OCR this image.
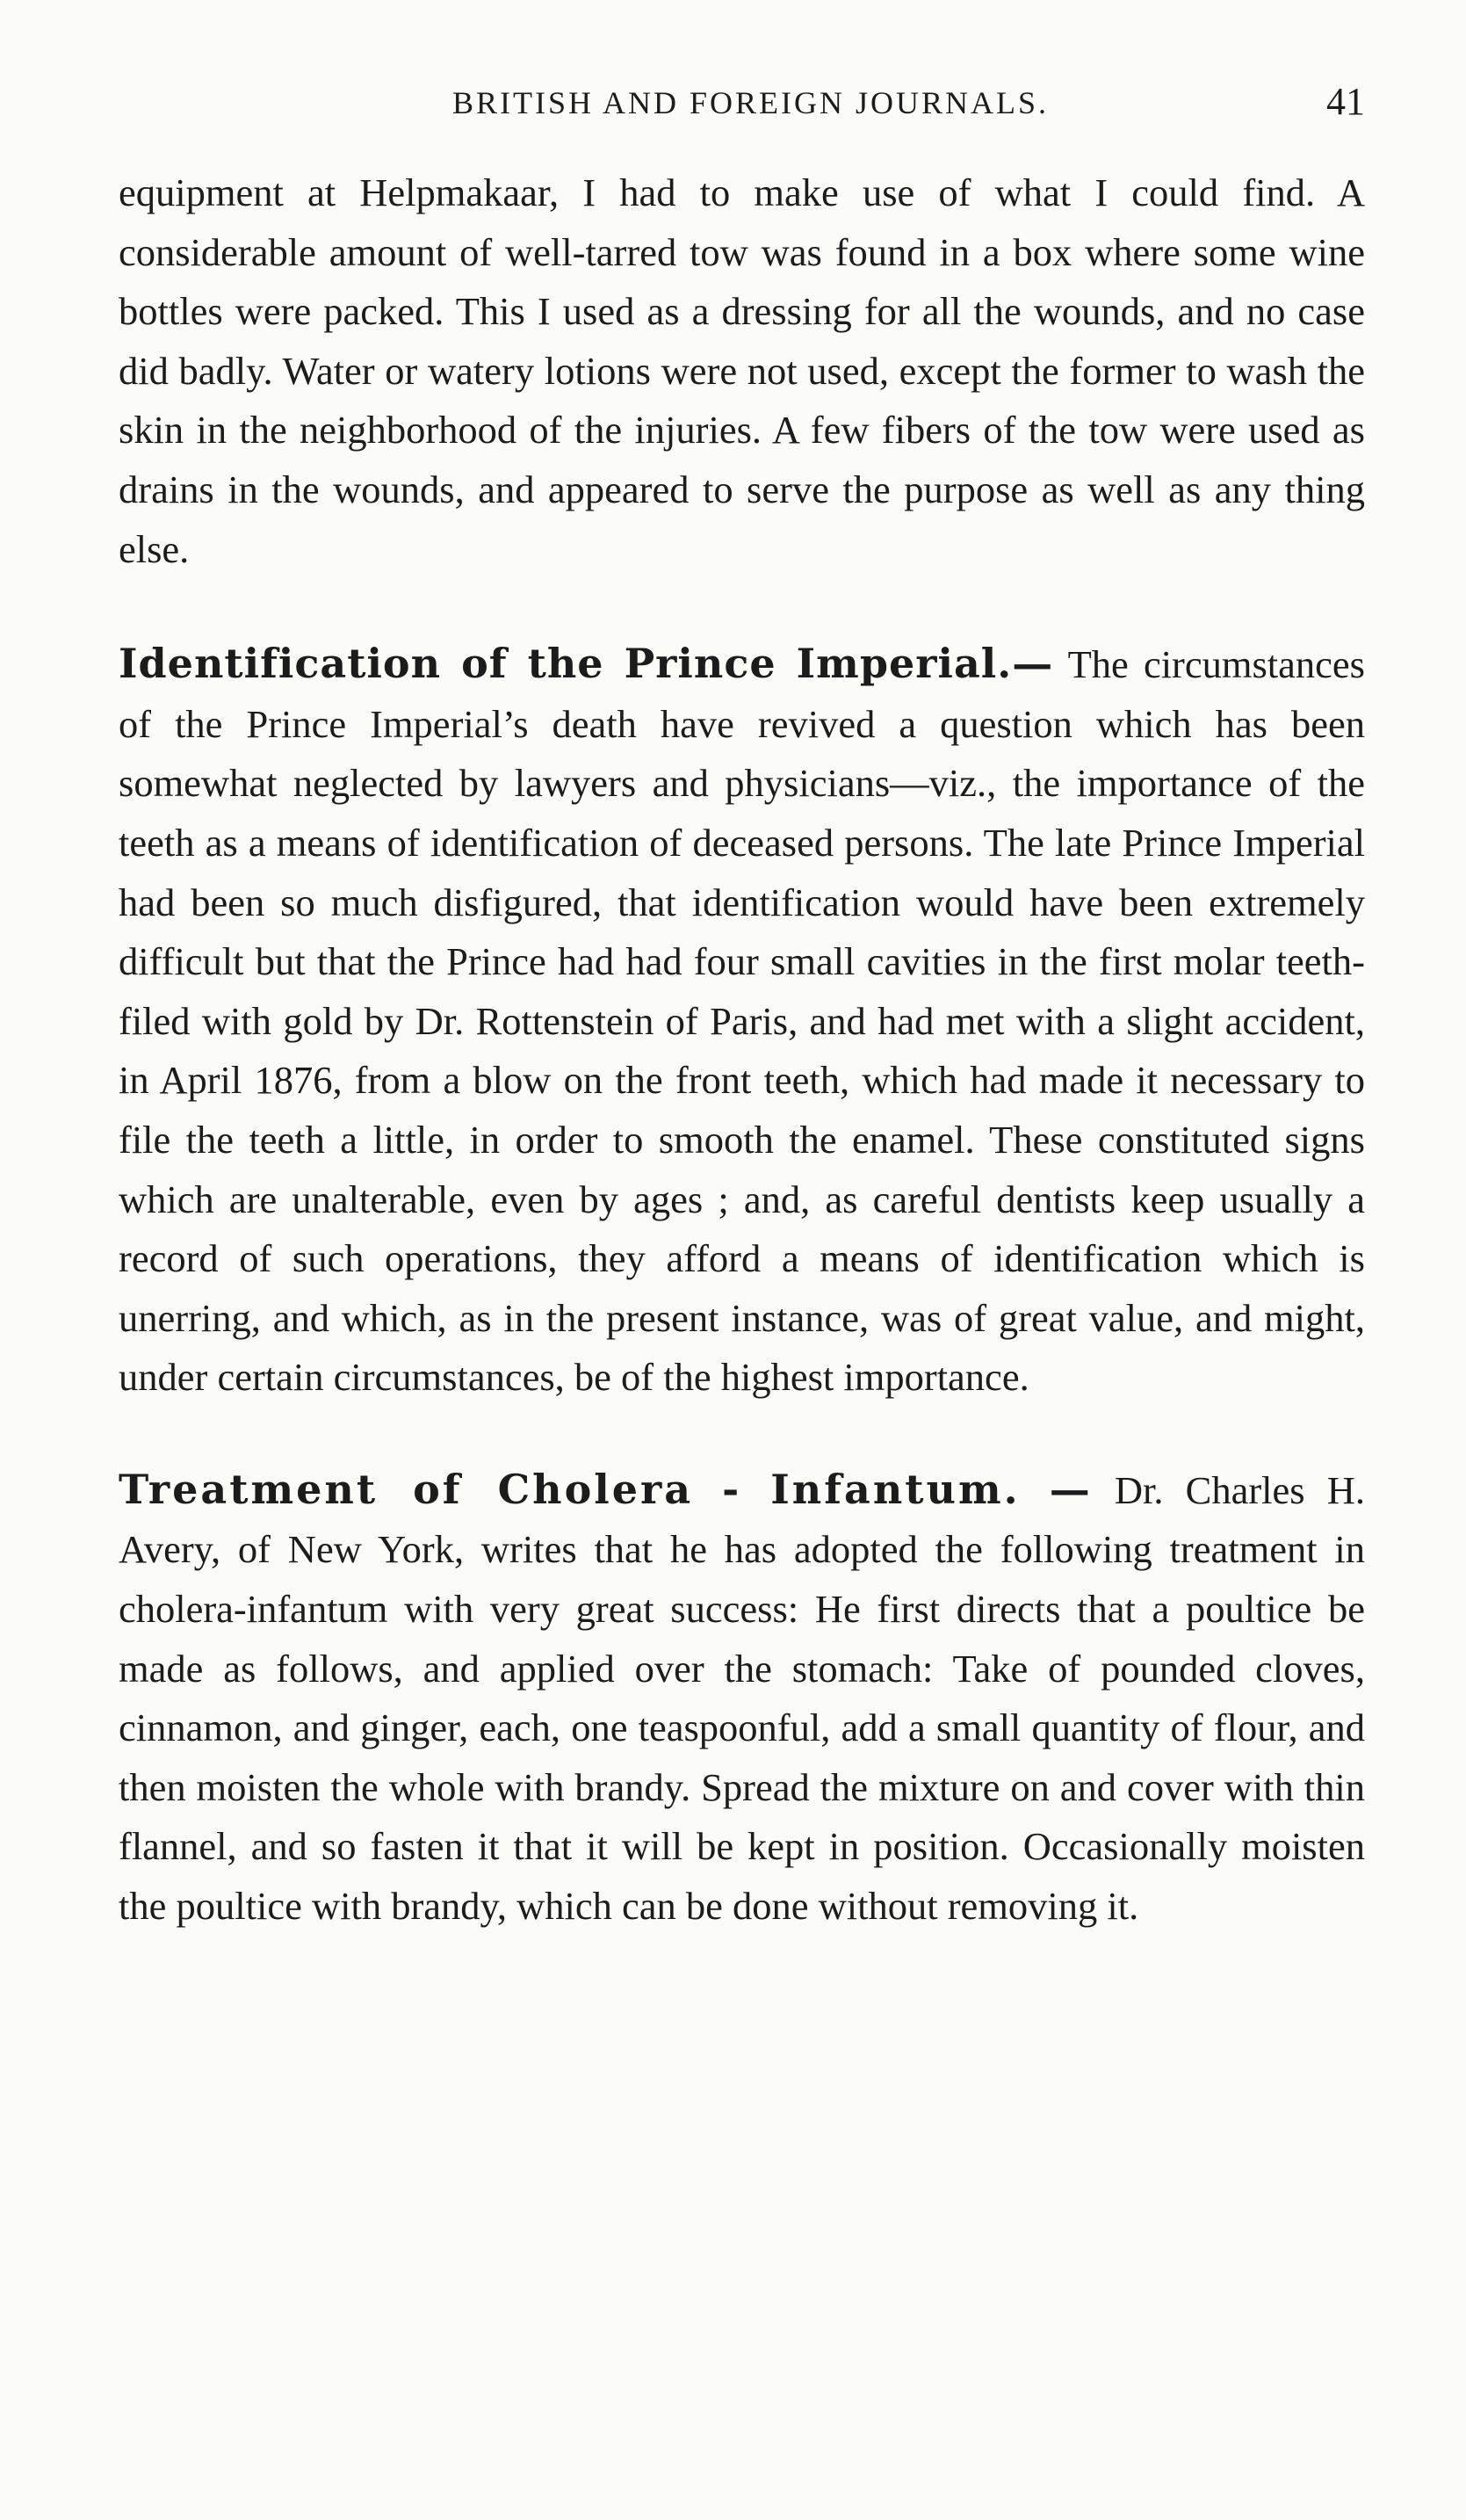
BRITISH AND FOREIGN JOURNALS.	41

equipment at Helpmakaar, I had to make use of what I could find. A considerable amount of well-tarred tow was found in a box where some wine bottles were packed. This I used as a dressing for all the wounds, and no case did badly. Water or watery lotions were not used, except the former to wash the skin in the neighborhood of the injuries. A few fibers of the tow were used as drains in the wounds, and appeared to serve the purpose as well as any thing else.

Identification of the Prince Imperial.— The circumstances of the Prince Imperial’s death have revived a question which has been somewhat neglected by lawyers and physicians—viz., the importance of the teeth as a means of identification of deceased persons. The late Prince Imperial had been so much disfigured, that identification would have been extremely difficult but that the Prince had had four small cavities in the first molar teeth-filed with gold by Dr. Rottenstein of Paris, and had met with a slight accident, in April 1876, from a blow on the front teeth, which had made it necessary to file the teeth a little, in order to smooth the enamel. These constituted signs which are unalterable, even by ages ; and, as careful dentists keep usually a record of such operations, they afford a means of identification which is unerring, and which, as in the present instance, was of great value, and might, under certain circumstances, be of the highest importance.

Treatment of Cholera - Infantum. — Dr. Charles H. Avery, of New York, writes that he has adopted the following treatment in cholera-infantum with very great success: He first directs that a poultice be made as follows, and applied over the stomach: Take of pounded cloves, cinnamon, and ginger, each, one teaspoonful, add a small quantity of flour, and then moisten the whole with brandy. Spread the mixture on and cover with thin flannel, and so fasten it that it will be kept in position. Occasionally moisten the poultice with brandy, which can be done without removing it.
